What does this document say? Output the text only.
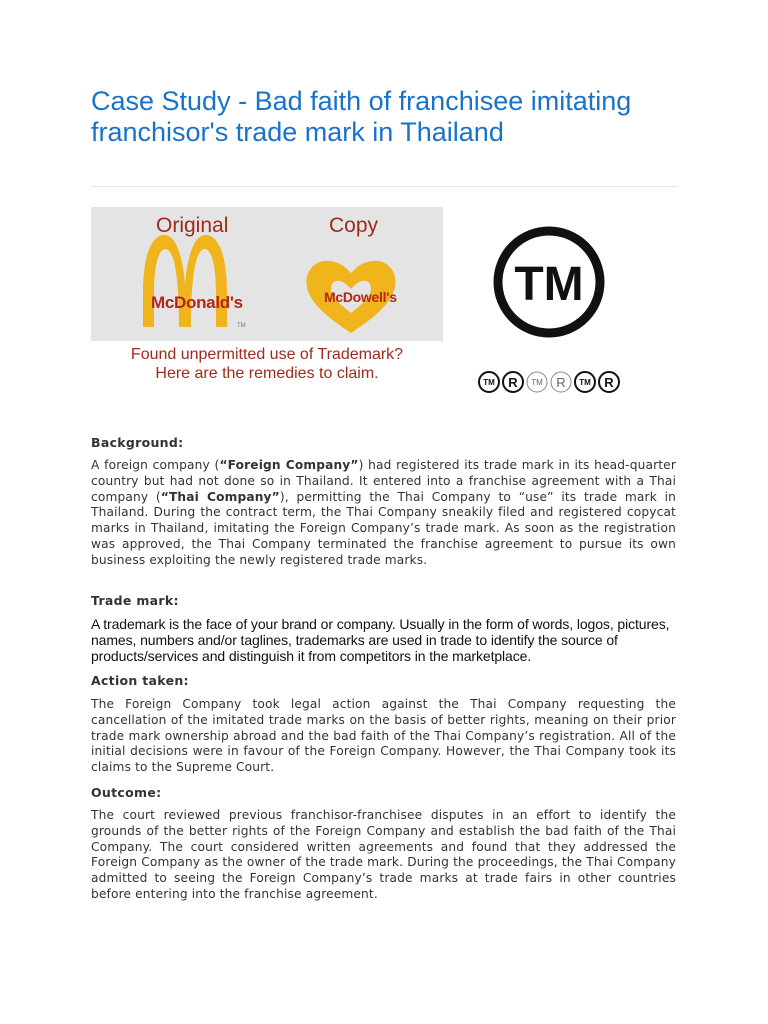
Case Study - Bad faith of franchisee imitating franchisor's trade mark in Thailand
Original	Copy
McDonald's
TM
McDowell's
Found unpermitted use of Trademark?
Here are the remedies to claim.
TM
TM R TM R TM R
Background:
A foreign company (“Foreign Company”) had registered its trade mark in its head-quarter country but had not done so in Thailand. It entered into a franchise agreement with a Thai company (“Thai Company”), permitting the Thai Company to “use” its trade mark in Thailand. During the contract term, the Thai Company sneakily filed and registered copycat marks in Thailand, imitating the Foreign Company’s trade mark. As soon as the registration was approved, the Thai Company terminated the franchise agreement to pursue its own business exploiting the newly registered trade marks.
Trade mark:
A trademark is the face of your brand or company. Usually in the form of words, logos, pictures, names, numbers and/or taglines, trademarks are used in trade to identify the source of products/services and distinguish it from competitors in the marketplace.
Action taken:
The Foreign Company took legal action against the Thai Company requesting the cancellation of the imitated trade marks on the basis of better rights, meaning on their prior trade mark ownership abroad and the bad faith of the Thai Company’s registration. All of the initial decisions were in favour of the Foreign Company. However, the Thai Company took its claims to the Supreme Court.
Outcome:
The court reviewed previous franchisor-franchisee disputes in an effort to identify the grounds of the better rights of the Foreign Company and establish the bad faith of the Thai Company. The court considered written agreements and found that they addressed the Foreign Company as the owner of the trade mark. During the proceedings, the Thai Company admitted to seeing the Foreign Company’s trade marks at trade fairs in other countries before entering into the franchise agreement.
